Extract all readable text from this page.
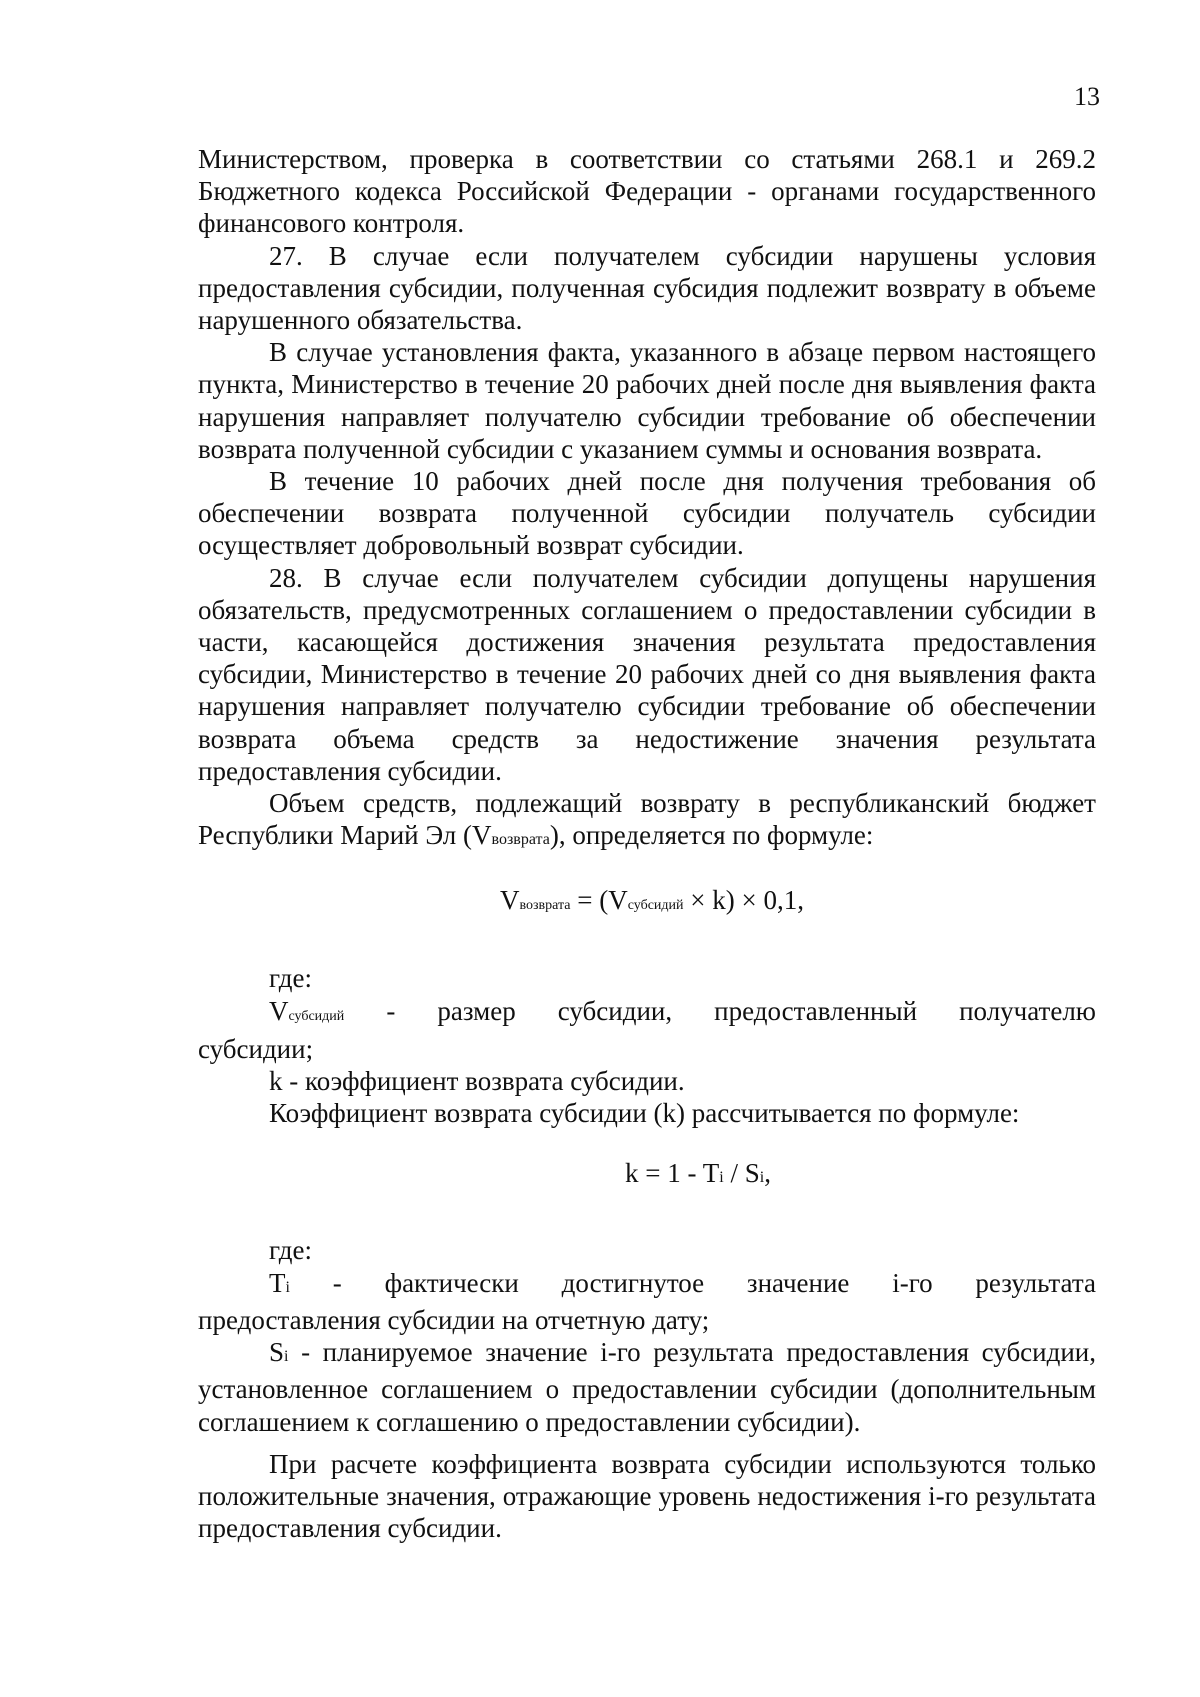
13

Министерством, проверка в соответствии со статьями 268.1 и 269.2 Бюджетного кодекса Российской Федерации - органами государственного финансового контроля.

27. В случае если получателем субсидии нарушены условия предоставления субсидии, полученная субсидия подлежит возврату в объеме нарушенного обязательства.

В случае установления факта, указанного в абзаце первом настоящего пункта, Министерство в течение 20 рабочих дней после дня выявления факта нарушения направляет получателю субсидии требование об обеспечении возврата полученной субсидии с указанием суммы и основания возврата.

В течение 10 рабочих дней после дня получения требования об обеспечении возврата полученной субсидии получатель субсидии осуществляет добровольный возврат субсидии.

28. В случае если получателем субсидии допущены нарушения обязательств, предусмотренных соглашением о предоставлении субсидии в части, касающейся достижения значения результата предоставления субсидии, Министерство в течение 20 рабочих дней со дня выявления факта нарушения направляет получателю субсидии требование об обеспечении возврата объема средств за недостижение значения результата предоставления субсидии.

Объем средств, подлежащий возврату в республиканский бюджет Республики Марий Эл (Vвозврата), определяется по формуле:

Vвозврата = (Vсубсидий × k) × 0,1,

где:

Vсубсидий - размер субсидии, предоставленный получателю

субсидии;

k - коэффициент возврата субсидии.

Коэффициент возврата субсидии (k) рассчитывается по формуле:

k = 1 - Ti / Si,

где:

Ti - фактически достигнутое значение i-го результата

предоставления субсидии на отчетную дату;

Si - планируемое значение i-го результата предоставления субсидии, установленное соглашением о предоставлении субсидии (дополнительным соглашением к соглашению о предоставлении субсидии).

При расчете коэффициента возврата субсидии используются только положительные значения, отражающие уровень недостижения i-го результата предоставления субсидии.
